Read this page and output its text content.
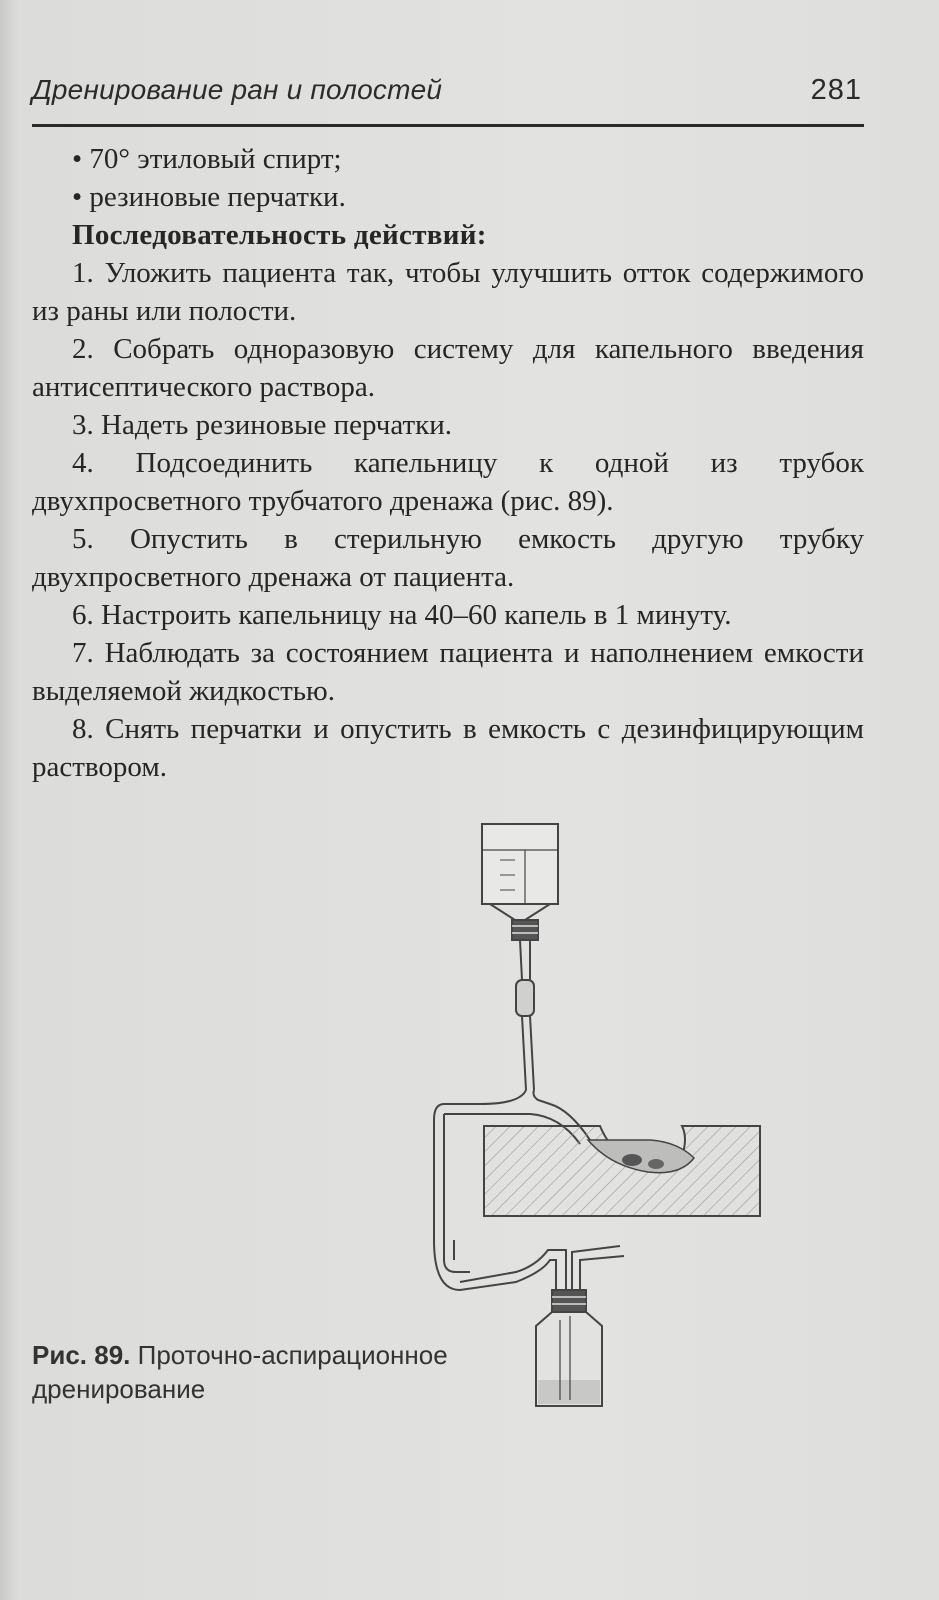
Дренирование ран и полостей	281

• 70° этиловый спирт;

• резиновые перчатки.

Последовательность действий:

1. Уложить пациента так, чтобы улучшить отток содержимого из раны или полости.

2. Собрать одноразовую систему для капельного введения антисептического раствора.

3. Надеть резиновые перчатки.

4. Подсоединить капельницу к одной из трубок двухпросветного трубчатого дренажа (рис. 89).

5. Опустить в стерильную емкость другую трубку двухпросветного дренажа от пациента.

6. Настроить капельницу на 40–60 капель в 1 минуту.

7. Наблюдать за состоянием пациента и наполнением емкости выделяемой жидкостью.

8. Снять перчатки и опустить в емкость с дезинфицирующим раствором.

Рис. 89. Проточно-аспирационное дренирование
